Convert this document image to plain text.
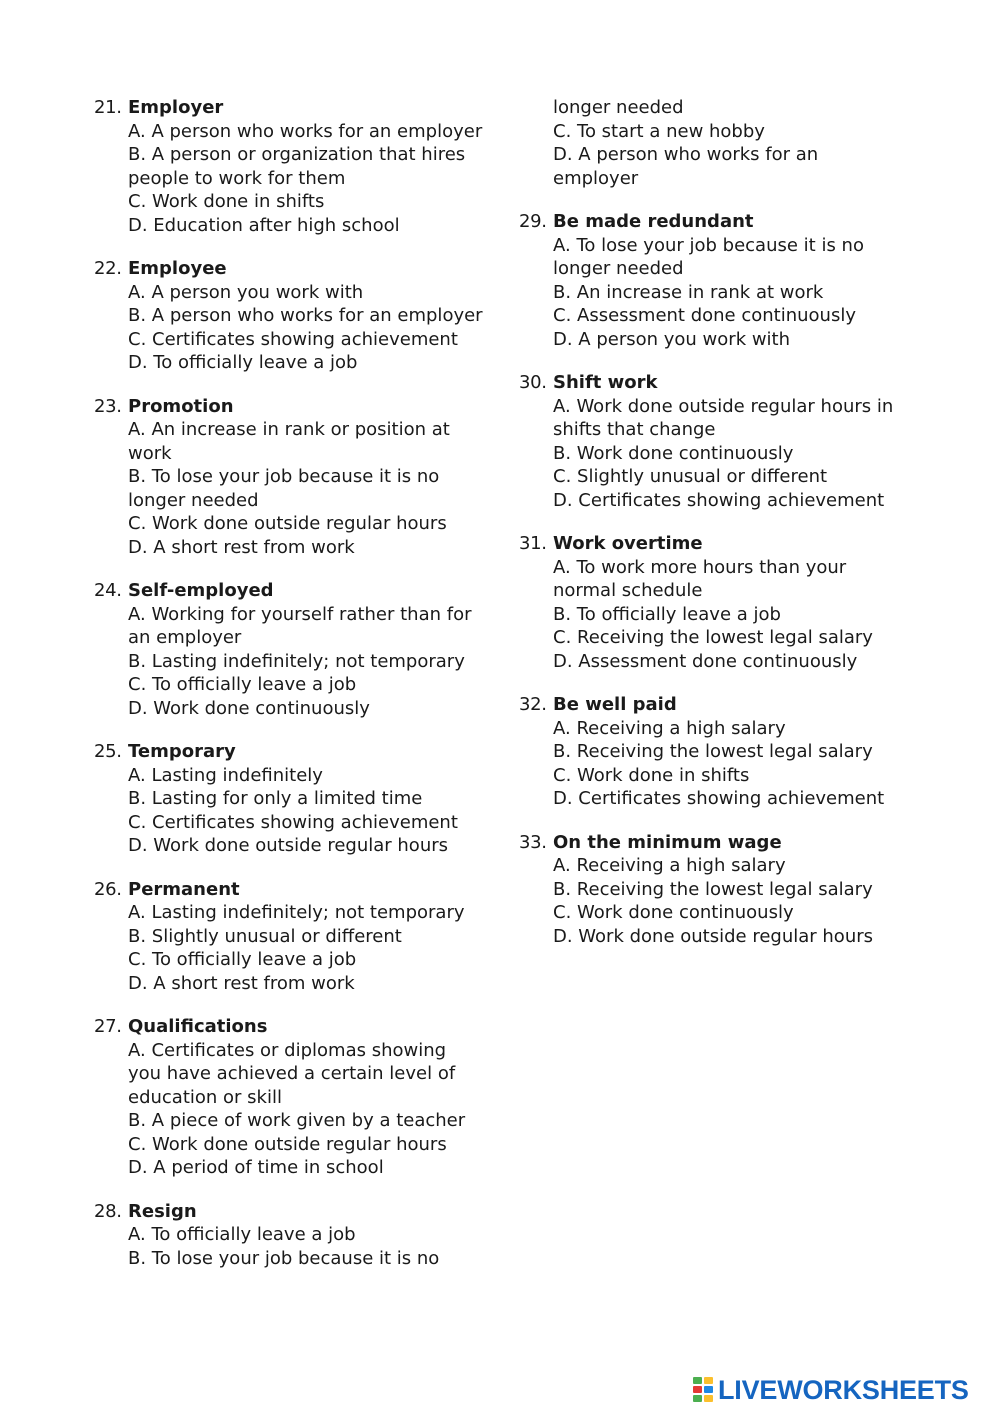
21. Employer
A. A person who works for an employer
B. A person or organization that hires people to work for them
C. Work done in shifts
D. Education after high school
22. Employee
A. A person you work with
B. A person who works for an employer
C. Certificates showing achievement
D. To officially leave a job
23. Promotion
A. An increase in rank or position at work
B. To lose your job because it is no longer needed
C. Work done outside regular hours
D. A short rest from work
24. Self-employed
A. Working for yourself rather than for an employer
B. Lasting indefinitely; not temporary
C. To officially leave a job
D. Work done continuously
25. Temporary
A. Lasting indefinitely
B. Lasting for only a limited time
C. Certificates showing achievement
D. Work done outside regular hours
26. Permanent
A. Lasting indefinitely; not temporary
B. Slightly unusual or different
C. To officially leave a job
D. A short rest from work
27. Qualifications
A. Certificates or diplomas showing you have achieved a certain level of education or skill
B. A piece of work given by a teacher
C. Work done outside regular hours
D. A period of time in school
28. Resign
A. To officially leave a job
B. To lose your job because it is no
longer needed
C. To start a new hobby
D. A person who works for an employer
29. Be made redundant
A. To lose your job because it is no longer needed
B. An increase in rank at work
C. Assessment done continuously
D. A person you work with
30. Shift work
A. Work done outside regular hours in shifts that change
B. Work done continuously
C. Slightly unusual or different
D. Certificates showing achievement
31. Work overtime
A. To work more hours than your normal schedule
B. To officially leave a job
C. Receiving the lowest legal salary
D. Assessment done continuously
32. Be well paid
A. Receiving a high salary
B. Receiving the lowest legal salary
C. Work done in shifts
D. Certificates showing achievement
33. On the minimum wage
A. Receiving a high salary
B. Receiving the lowest legal salary
C. Work done continuously
D. Work done outside regular hours
LIVEWORKSHEETS
